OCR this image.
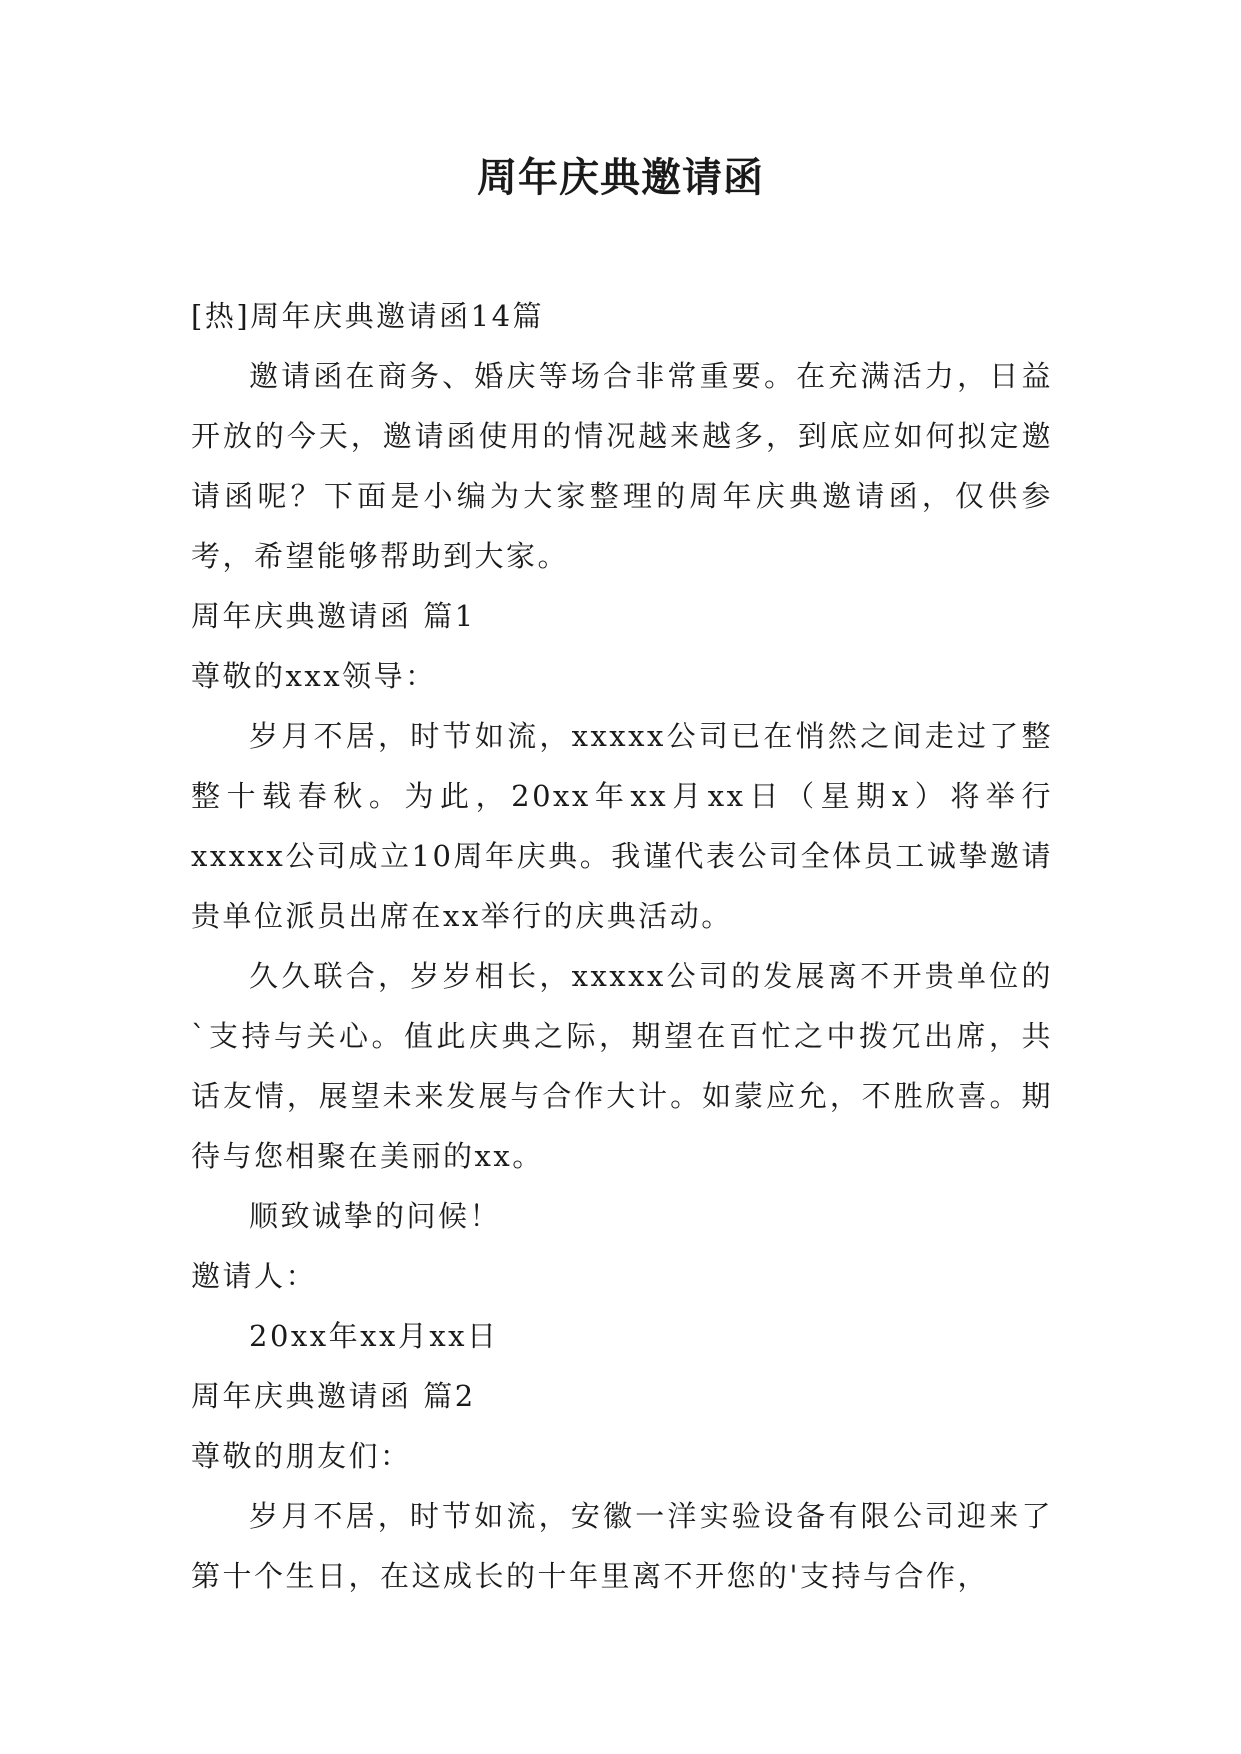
周年庆典邀请函
[热]周年庆典邀请函14篇
邀请函在商务、婚庆等场合非常重要。在充满活力，日益开放的今天，邀请函使用的情况越来越多，到底应如何拟定邀请函呢？下面是小编为大家整理的周年庆典邀请函，仅供参考，希望能够帮助到大家。
周年庆典邀请函 篇1
尊敬的xxx领导：
岁月不居，时节如流，xxxxx公司已在悄然之间走过了整整十载春秋。为此，20xx年xx月xx日（星期x）将举行xxxxx公司成立10周年庆典。我谨代表公司全体员工诚挚邀请贵单位派员出席在xx举行的庆典活动。
久久联合，岁岁相长，xxxxx公司的发展离不开贵单位的`支持与关心。值此庆典之际，期望在百忙之中拨冗出席，共话友情，展望未来发展与合作大计。如蒙应允，不胜欣喜。期待与您相聚在美丽的xx。
顺致诚挚的问候！
邀请人：
20xx年xx月xx日
周年庆典邀请函 篇2
尊敬的朋友们：
岁月不居，时节如流，安徽一洋实验设备有限公司迎来了第十个生日，在这成长的十年里离不开您的'支持与合作，
